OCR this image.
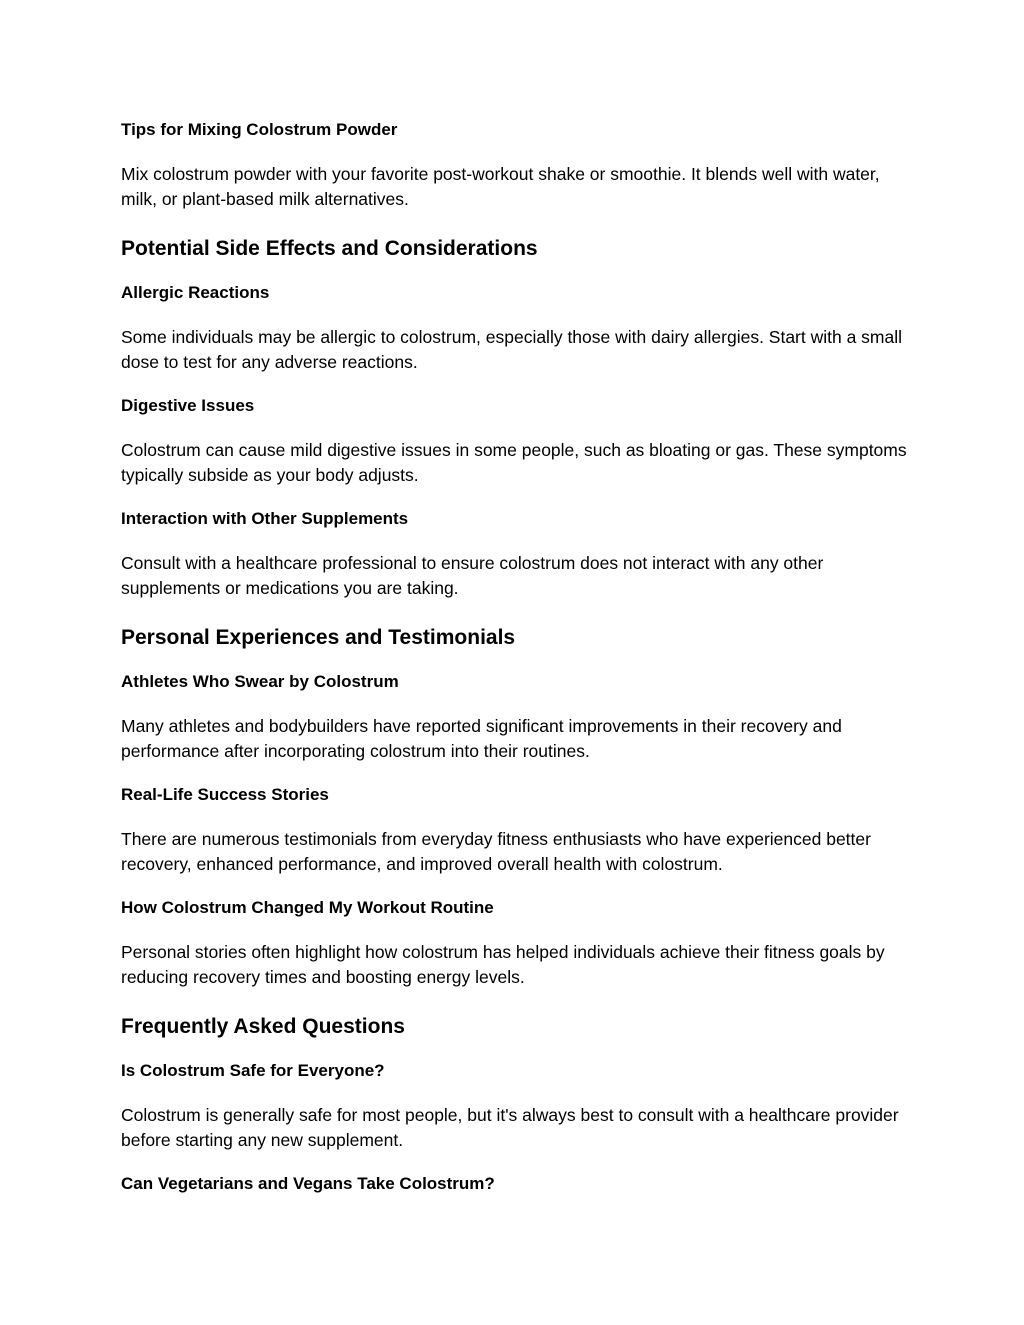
Tips for Mixing Colostrum Powder

Mix colostrum powder with your favorite post-workout shake or smoothie. It blends well with water, milk, or plant-based milk alternatives.

Potential Side Effects and Considerations
Allergic Reactions

Some individuals may be allergic to colostrum, especially those with dairy allergies. Start with a small dose to test for any adverse reactions.

Digestive Issues

Colostrum can cause mild digestive issues in some people, such as bloating or gas. These symptoms typically subside as your body adjusts.

Interaction with Other Supplements

Consult with a healthcare professional to ensure colostrum does not interact with any other supplements or medications you are taking.

Personal Experiences and Testimonials
Athletes Who Swear by Colostrum

Many athletes and bodybuilders have reported significant improvements in their recovery and performance after incorporating colostrum into their routines.

Real-Life Success Stories

There are numerous testimonials from everyday fitness enthusiasts who have experienced better recovery, enhanced performance, and improved overall health with colostrum.

How Colostrum Changed My Workout Routine

Personal stories often highlight how colostrum has helped individuals achieve their fitness goals by reducing recovery times and boosting energy levels.

Frequently Asked Questions
Is Colostrum Safe for Everyone?

Colostrum is generally safe for most people, but it's always best to consult with a healthcare provider before starting any new supplement.

Can Vegetarians and Vegans Take Colostrum?
